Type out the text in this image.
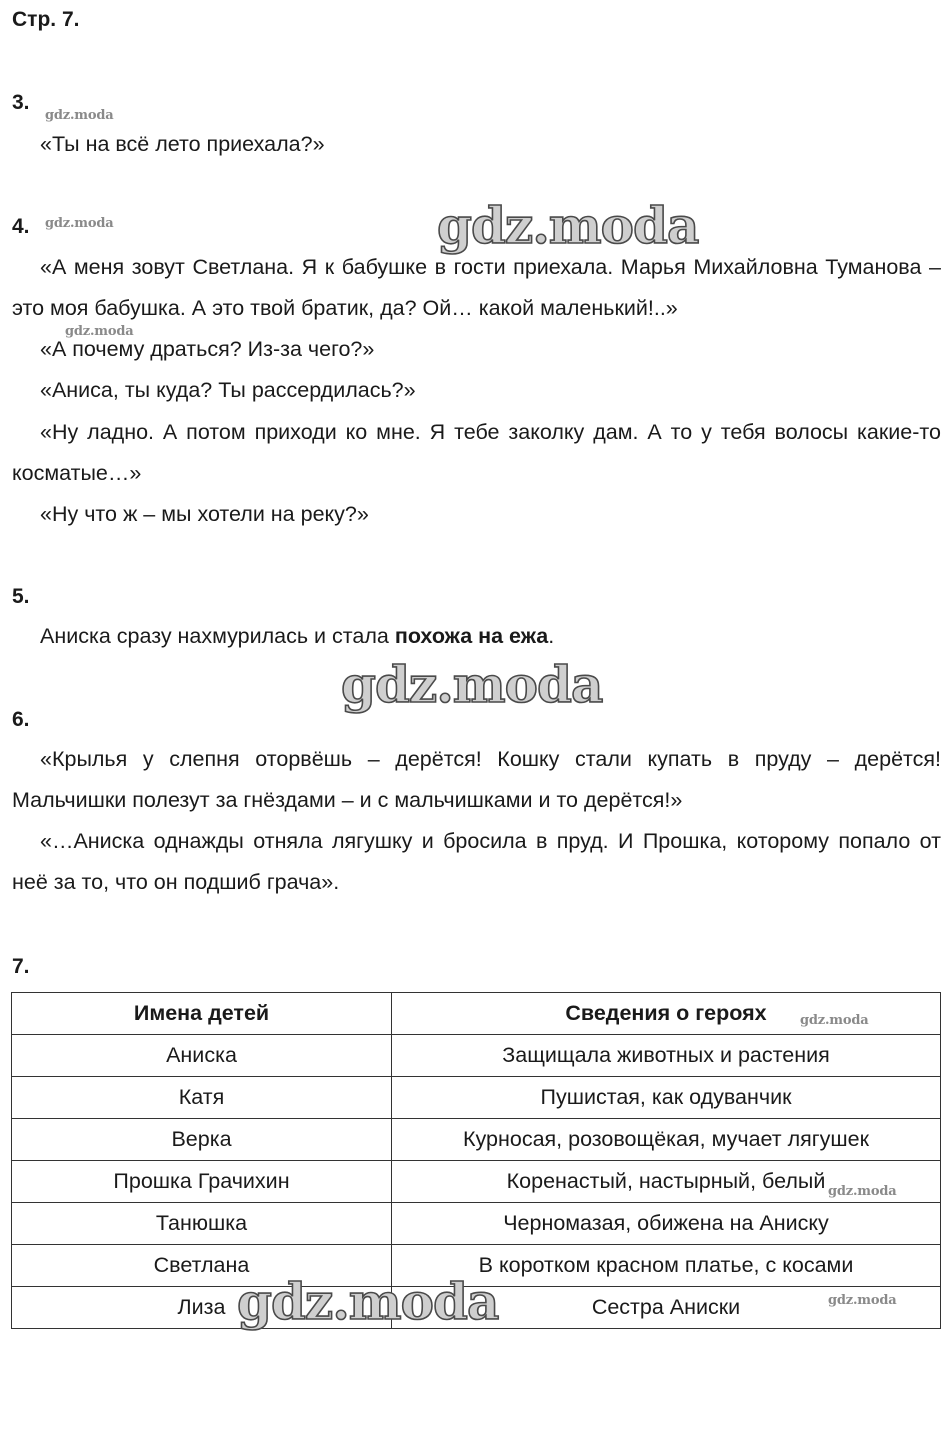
Стр. 7.
3.
«Ты на всё лето приехала?»
4.
«А меня зовут Светлана. Я к бабушке в гости приехала. Марья Михайловна Туманова – это моя бабушка. А это твой братик, да? Ой… какой маленький!..»
«А почему драться? Из-за чего?»
«Аниса, ты куда? Ты рассердилась?»
«Ну ладно. А потом приходи ко мне. Я тебе заколку дам. А то у тебя волосы какие-то косматые…»
«Ну что ж – мы хотели на реку?»
5.
Аниска сразу нахмурилась и стала похожа на ежа.
6.
«Крылья у слепня оторвёшь – дерётся! Кошку стали купать в пруду – дерётся! Мальчишки полезут за гнёздами – и с мальчишками и то дерётся!»
«…Аниска однажды отняла лягушку и бросила в пруд. И Прошка, которому попало от неё за то, что он подшиб грача».
7.
Имена детей	Сведения о героях
Аниска	Защищала животных и растения
Катя	Пушистая, как одуванчик
Верка	Курносая, розовощёкая, мучает лягушек
Прошка Грачихин	Коренастый, настырный, белый
Танюшка	Черномазая, обижена на Аниску
Светлана	В коротком красном платье, с косами
Лиза	Сестра Аниски
gdz.moda
gdz.moda
gdz.moda
gdz.moda
gdz.moda
gdz.moda
gdz.moda
gdz.moda
gdz.moda
